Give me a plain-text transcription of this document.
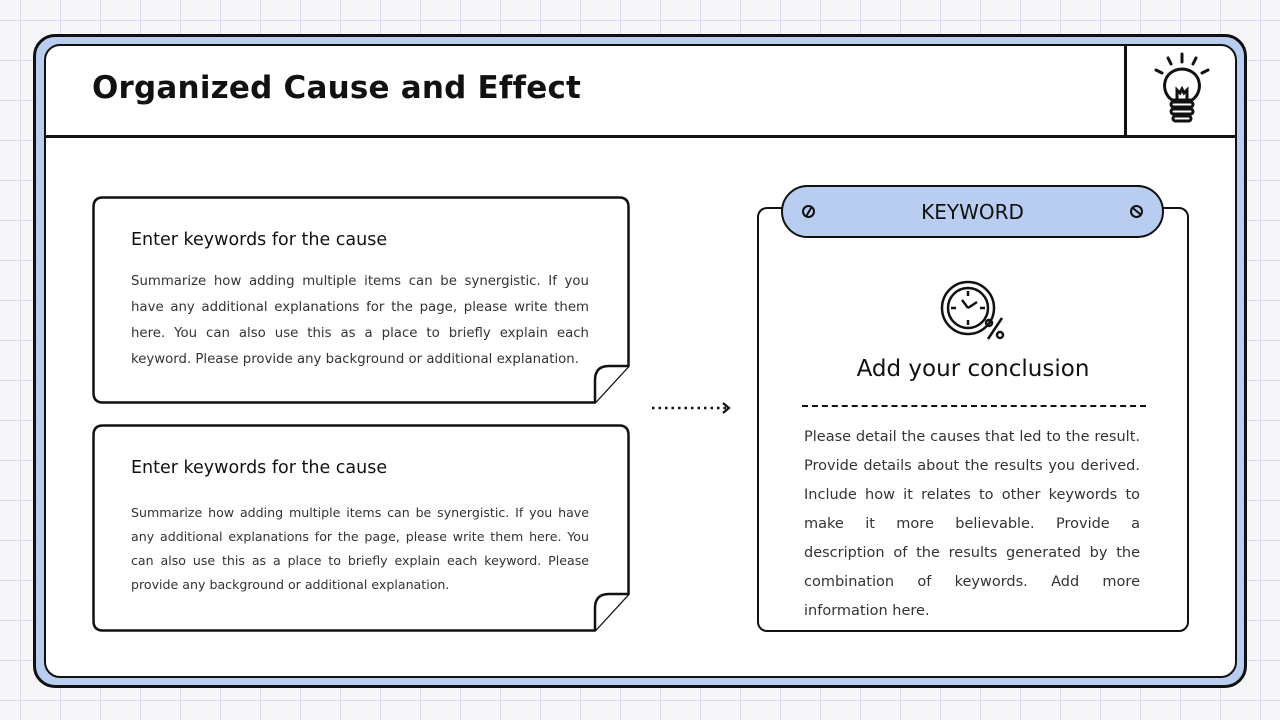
Organized Cause and Effect
Enter keywords for the cause
Summarize how adding multiple items can be synergistic. If you have any additional explanations for the page, please write them here. You can also use this as a place to briefly explain each keyword. Please provide any background or additional explanation.
Enter keywords for the cause
Summarize how adding multiple items can be synergistic. If you have any additional explanations for the page, please write them here. You can also use this as a place to briefly explain each keyword. Please provide any background or additional explanation.
KEYWORD
Add your conclusion
Please detail the causes that led to the result. Provide details about the results you derived. Include how it relates to other keywords to make it more believable. Provide a description of the results generated by the combination of keywords. Add more information here.
